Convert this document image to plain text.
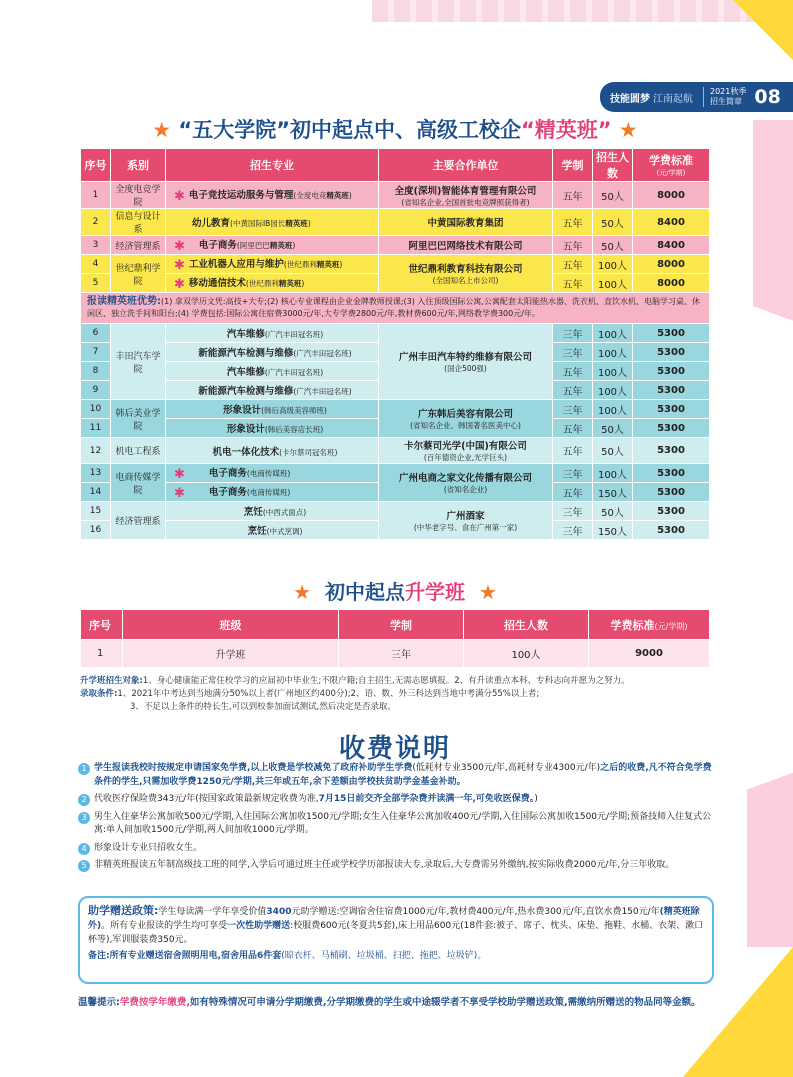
技能圆梦 江南起航
2021秋季
招生简章 08
★ “五大学院”初中起点中、高级工校企“精英班” ★
序号	系别	招生专业	主要合作单位	学制	招生人数	学费标准
(元/学期)

1	全度电竞学院	✱ 电子竞技运动服务与管理(全度电竞精英班)	全度(深圳)智能体育管理有限公司
(省知名企业,全国首批电竞牌照获得者)	五年	50人	8000
2	信息与设计系	幼儿教育(中黄国际IB园长精英班)	中黄国际教育集团	五年	50人	8400
3	经济管理系	✱ 电子商务(阿里巴巴精英班)	阿里巴巴网络技术有限公司	五年	50人	8400
4	世纪鼎利学院	✱ 工业机器人应用与维护(世纪鼎利精英班)	世纪鼎利教育科技有限公司
(全国知名上市公司)	五年	100人	8000
5		✱ 移动通信技术(世纪鼎利精英班)		五年	100人	8000
报读精英班优势:(1) 拿双学历文凭:高技+大专;(2) 核心专业课程由企业金牌教师授课;(3) 入住顶级国际公寓,公寓配套太阳能热水器、洗衣机、直饮水机、电脑学习桌、休闲区、独立洗手间和阳台;(4) 学费包括:国际公寓住宿费3000元/年,大专学费2800元/年,教材费600元/年,网络教学费300元/年。						
6	丰田汽车学院	汽车维修(广汽丰田冠名班)	广州丰田汽车特约维修有限公司
(国企500强)	三年	100人	5300
7		新能源汽车检测与维修(广汽丰田冠名班)		三年	100人	5300
8		汽车维修(广汽丰田冠名班)		五年	100人	5300
9		新能源汽车检测与维修(广汽丰田冠名班)		五年	100人	5300
10	韩后美业学院	形象设计(韩后高级美容师班)	广东韩后美容有限公司
(省知名企业、韩国著名医美中心)	三年	100人	5300
11		形象设计(韩后美容店长班)		五年	50人	5300
12	机电工程系	机电一体化技术(卡尔蔡司冠名班)	卡尔蔡司光学(中国)有限公司
(百年德资企业,光学巨头)	五年	50人	5300
13	电商传媒学院	✱ 电子商务(电商传媒班)	广州电商之家文化传播有限公司
(省知名企业)	三年	100人	5300
14		✱ 电子商务(电商传媒班)		五年	150人	5300
15	经济管理系	烹饪(中西式面点)	广州酒家
(中华老字号、食在广州第一家)	三年	50人	5300
16		烹饪(中式烹调)		三年	150人	5300
★ 初中起点升学班 ★
序号	班级	学制	招生人数	学费标准(元/学期)
1	升学班	三年	100人	9000
升学班招生对象:1、身心健康能正常住校学习的应届初中毕业生;不限户籍;自主招生,无需志愿填报。2、有升读重点本科、专科志向并愿为之努力。
录取条件:1、2021年中考达到当地满分50%以上者(广州地区约400分);2、语、数、外三科达到当地中考满分55%以上者;
3、不足以上条件的特长生,可以到校参加面试测试,然后决定是否录取。
收费说明
1 学生报读我校时按规定申请国家免学费,以上收费是学校减免了政府补助学生学费(低耗材专业3500元/年,高耗材专业4300元/年)之后的收费,凡不符合免学费条件的学生,只需加收学费1250元/学期,共三年或五年,余下差额由学校扶贫助学金基金补助。
2 代收医疗保险费343元/年(按国家政策最新规定收费为准,7月15日前交齐全部学杂费并读满一年,可免收医保费。)
3 男生入住豪华公寓加收500元/学期,入住国际公寓加收1500元/学期;女生入住豪华公寓加收400元/学期,入住国际公寓加收1500元/学期;预备技师入住复式公寓:单人间加收1500元/学期,两人间加收1000元/学期。
4 形象设计专业只招收女生。
5 非精英班报读五年制高级技工班的同学,入学后可通过班主任或学校学历部报读大专,录取后,大专费需另外缴纳,按实际收费2000元/年,分三年收取。
助学赠送政策:学生每读满一学年享受价值3400元助学赠送:空调宿舍住宿费1000元/年,教材费400元/年,热水费300元/年,直饮水费150元/年(精英班除外)。所有专业报读的学生均可享受一次性助学赠送:校服费600元(冬夏共5套),床上用品600元(18件套:被子、席子、枕头、床垫、拖鞋、水桶、衣架、漱口杯等),军训服装费350元。
备注:所有专业赠送宿舍照明用电,宿舍用品6件套(晾衣杆、马桶刷、垃圾桶、扫把、拖把、垃圾铲)。
温馨提示:学费按学年缴费,如有特殊情况可申请分学期缴费,分学期缴费的学生或中途辍学者不享受学校助学赠送政策,需缴纳所赠送的物品同等金额。
